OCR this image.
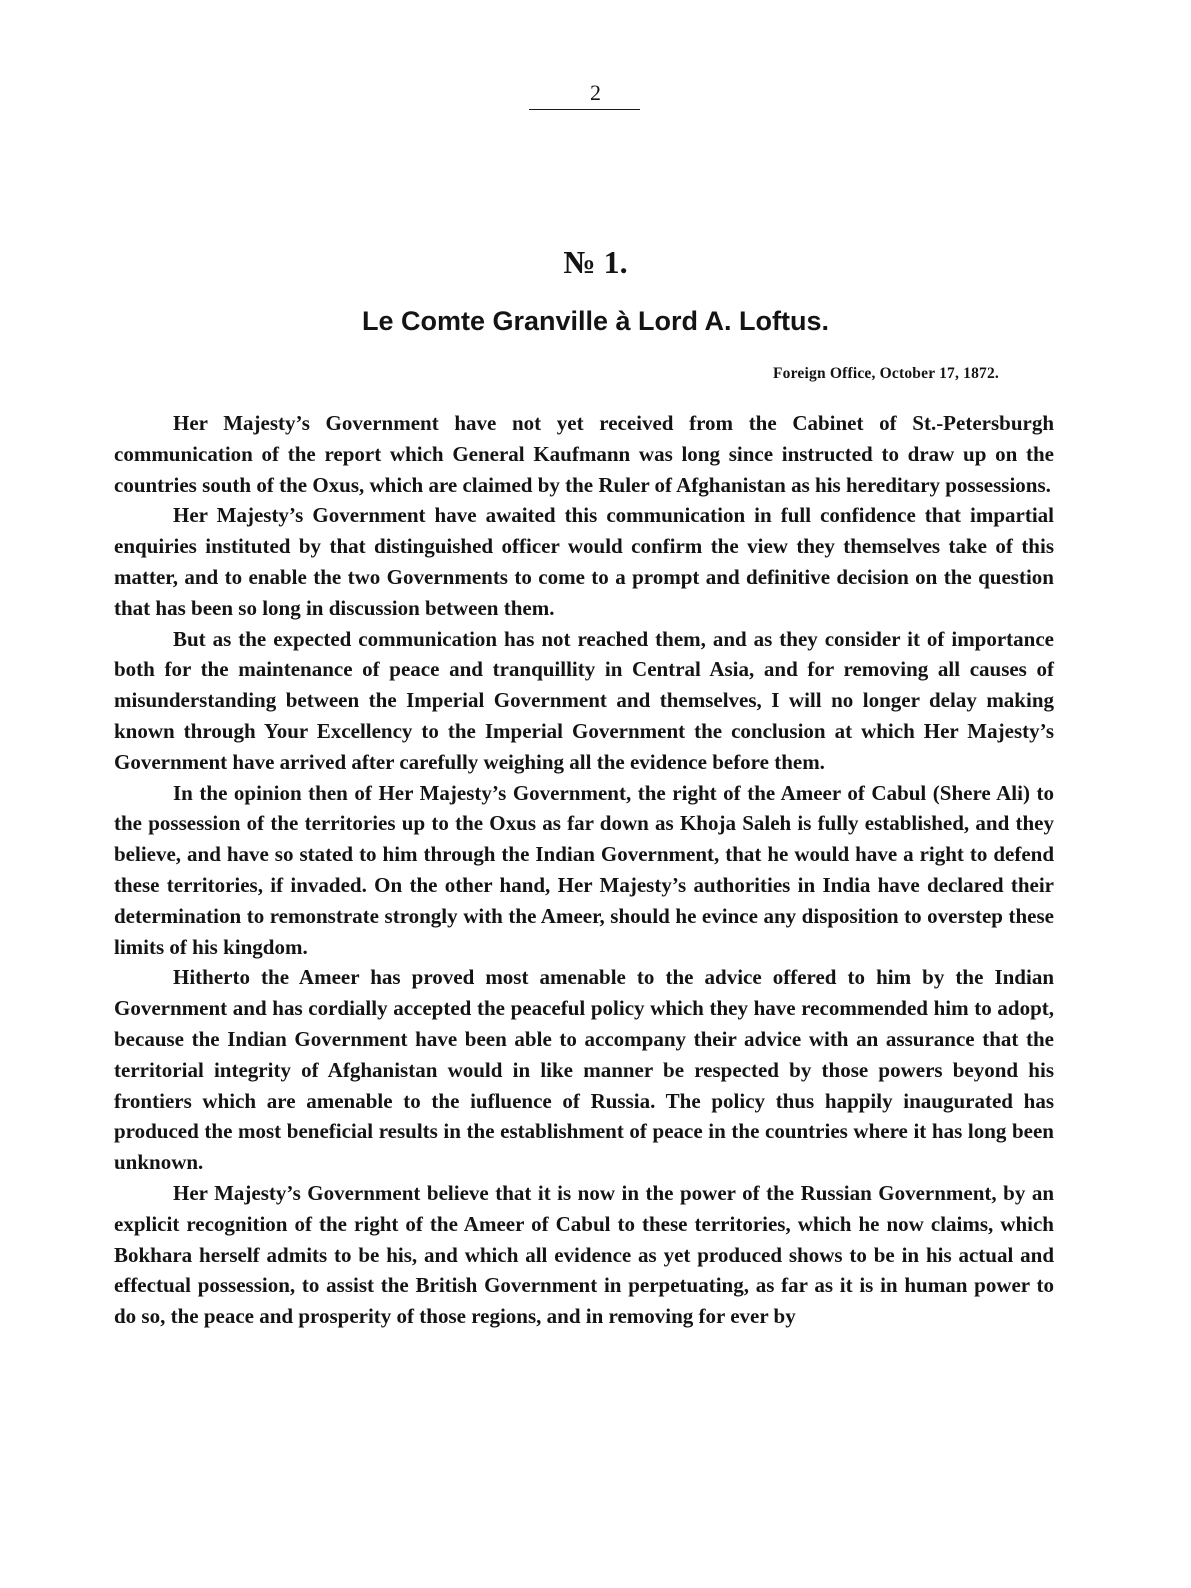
2
№ 1.
Le Comte Granville à Lord A. Loftus.
Foreign Office, October 17, 1872.

Her Majesty’s Government have not yet received from the Cabinet of St.-Petersburgh communication of the report which General Kaufmann was long since instructed to draw up on the countries south of the Oxus, which are claimed by the Ruler of Afghanistan as his hereditary possessions.

Her Majesty’s Government have awaited this communication in full confidence that impartial enquiries instituted by that distinguished officer would confirm the view they themselves take of this matter, and to enable the two Governments to come to a prompt and definitive decision on the question that has been so long in discussion between them.

But as the expected communication has not reached them, and as they consider it of importance both for the maintenance of peace and tranquillity in Central Asia, and for removing all causes of misunderstanding between the Imperial Government and themselves, I will no longer delay making known through Your Excellency to the Imperial Government the conclusion at which Her Majesty’s Government have arrived after carefully weighing all the evidence before them.

In the opinion then of Her Majesty’s Government, the right of the Ameer of Cabul (Shere Ali) to the possession of the territories up to the Oxus as far down as Khoja Saleh is fully established, and they believe, and have so stated to him through the Indian Government, that he would have a right to defend these territories, if invaded. On the other hand, Her Majesty’s authorities in India have declared their determination to remonstrate strongly with the Ameer, should he evince any disposition to overstep these limits of his kingdom.

Hitherto the Ameer has proved most amenable to the advice offered to him by the Indian Government and has cordially accepted the peaceful policy which they have recommended him to adopt, because the Indian Government have been able to accompany their advice with an assurance that the territorial integrity of Afghanistan would in like manner be respected by those powers beyond his frontiers which are amenable to the iufluence of Russia. The policy thus happily inaugurated has produced the most beneficial results in the establishment of peace in the countries where it has long been unknown.

Her Majesty’s Government believe that it is now in the power of the Russian Government, by an explicit recognition of the right of the Ameer of Cabul to these territories, which he now claims, which Bokhara herself admits to be his, and which all evidence as yet produced shows to be in his actual and effectual possession, to assist the British Government in perpetuating, as far as it is in human power to do so, the peace and prosperity of those regions, and in removing for ever by
